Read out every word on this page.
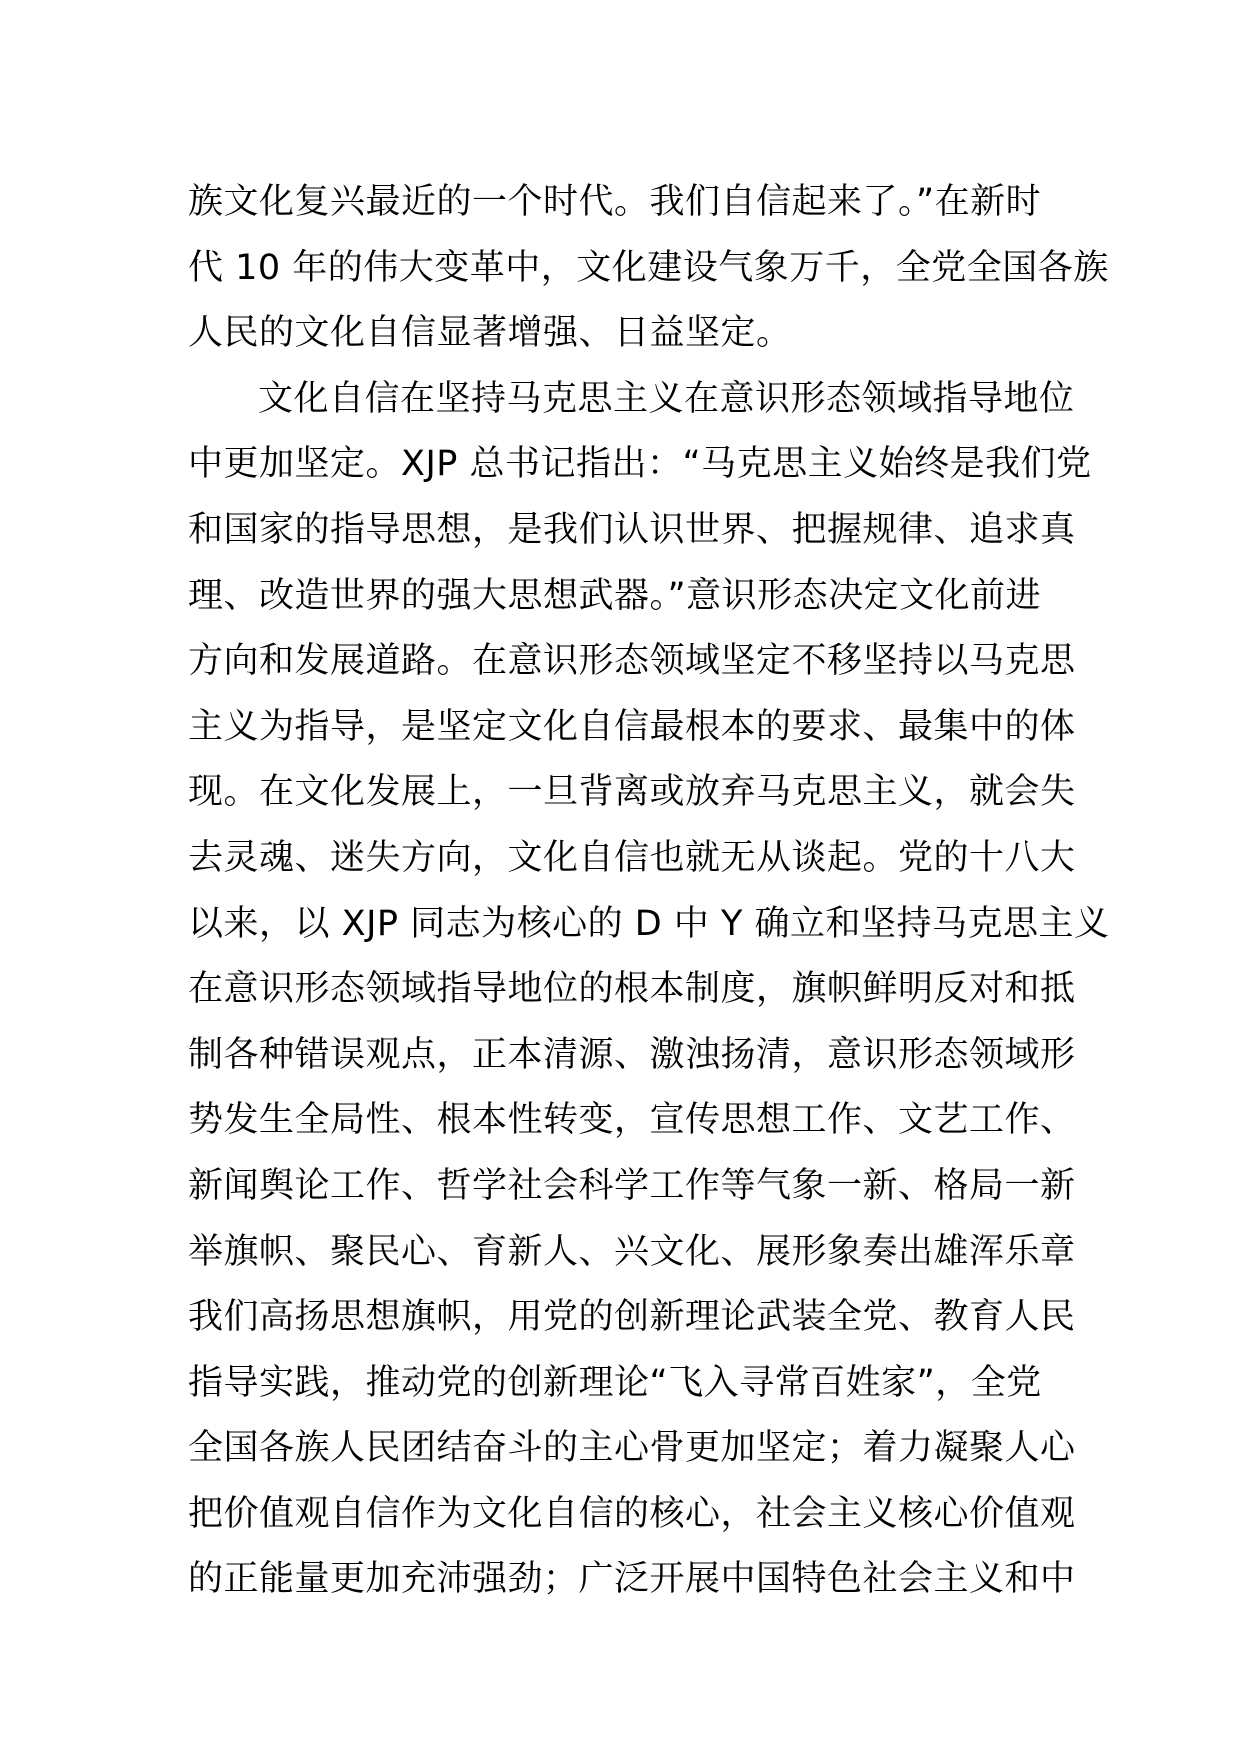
族文化复兴最近的一个时代。我们自信起来了。”在新时
代 10 年的伟大变革中，文化建设气象万千，全党全国各族
人民的文化自信显著增强、日益坚定。
文化自信在坚持马克思主义在意识形态领域指导地位
中更加坚定。XJP 总书记指出：“马克思主义始终是我们党
和国家的指导思想，是我们认识世界、把握规律、追求真
理、改造世界的强大思想武器。”意识形态决定文化前进
方向和发展道路。在意识形态领域坚定不移坚持以马克思
主义为指导，是坚定文化自信最根本的要求、最集中的体
现。在文化发展上，一旦背离或放弃马克思主义，就会失
去灵魂、迷失方向，文化自信也就无从谈起。党的十八大
以来，以 XJP 同志为核心的 D 中 Y 确立和坚持马克思主义
在意识形态领域指导地位的根本制度，旗帜鲜明反对和抵
制各种错误观点，正本清源、激浊扬清，意识形态领域形
势发生全局性、根本性转变，宣传思想工作、文艺工作、
新闻舆论工作、哲学社会科学工作等气象一新、格局一新
举旗帜、聚民心、育新人、兴文化、展形象奏出雄浑乐章
我们高扬思想旗帜，用党的创新理论武装全党、教育人民
指导实践，推动党的创新理论“飞入寻常百姓家”，全党
全国各族人民团结奋斗的主心骨更加坚定；着力凝聚人心
把价值观自信作为文化自信的核心，社会主义核心价值观
的正能量更加充沛强劲；广泛开展中国特色社会主义和中
